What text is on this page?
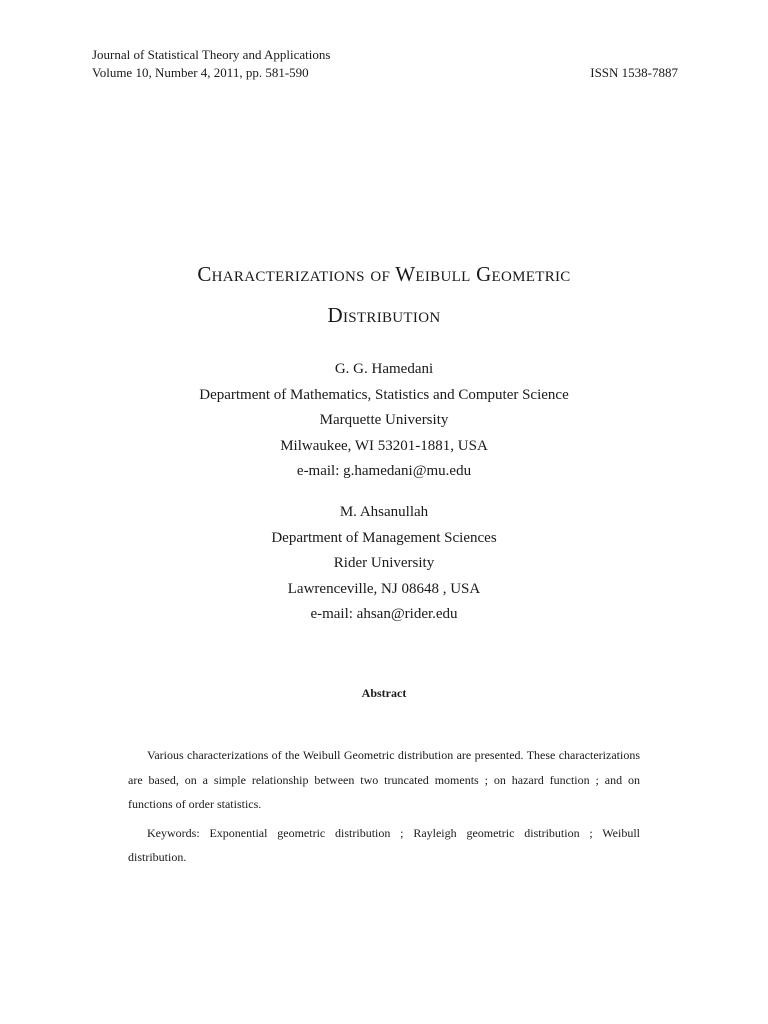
Journal of Statistical Theory and Applications
Volume 10, Number 4, 2011, pp. 581-590	ISSN 1538-7887
Characterizations of Weibull Geometric
Distribution
G. G. Hamedani
Department of Mathematics, Statistics and Computer Science
Marquette University
Milwaukee, WI 53201-1881, USA
e-mail: g.hamedani@mu.edu
M. Ahsanullah
Department of Management Sciences
Rider University
Lawrenceville, NJ 08648 , USA
e-mail: ahsan@rider.edu
Abstract

Various characterizations of the Weibull Geometric distribution are presented. These characterizations are based, on a simple relationship between two truncated moments ; on hazard function ; and on functions of order statistics.

Keywords: Exponential geometric distribution ; Rayleigh geometric distribution ; Weibull distribution.
